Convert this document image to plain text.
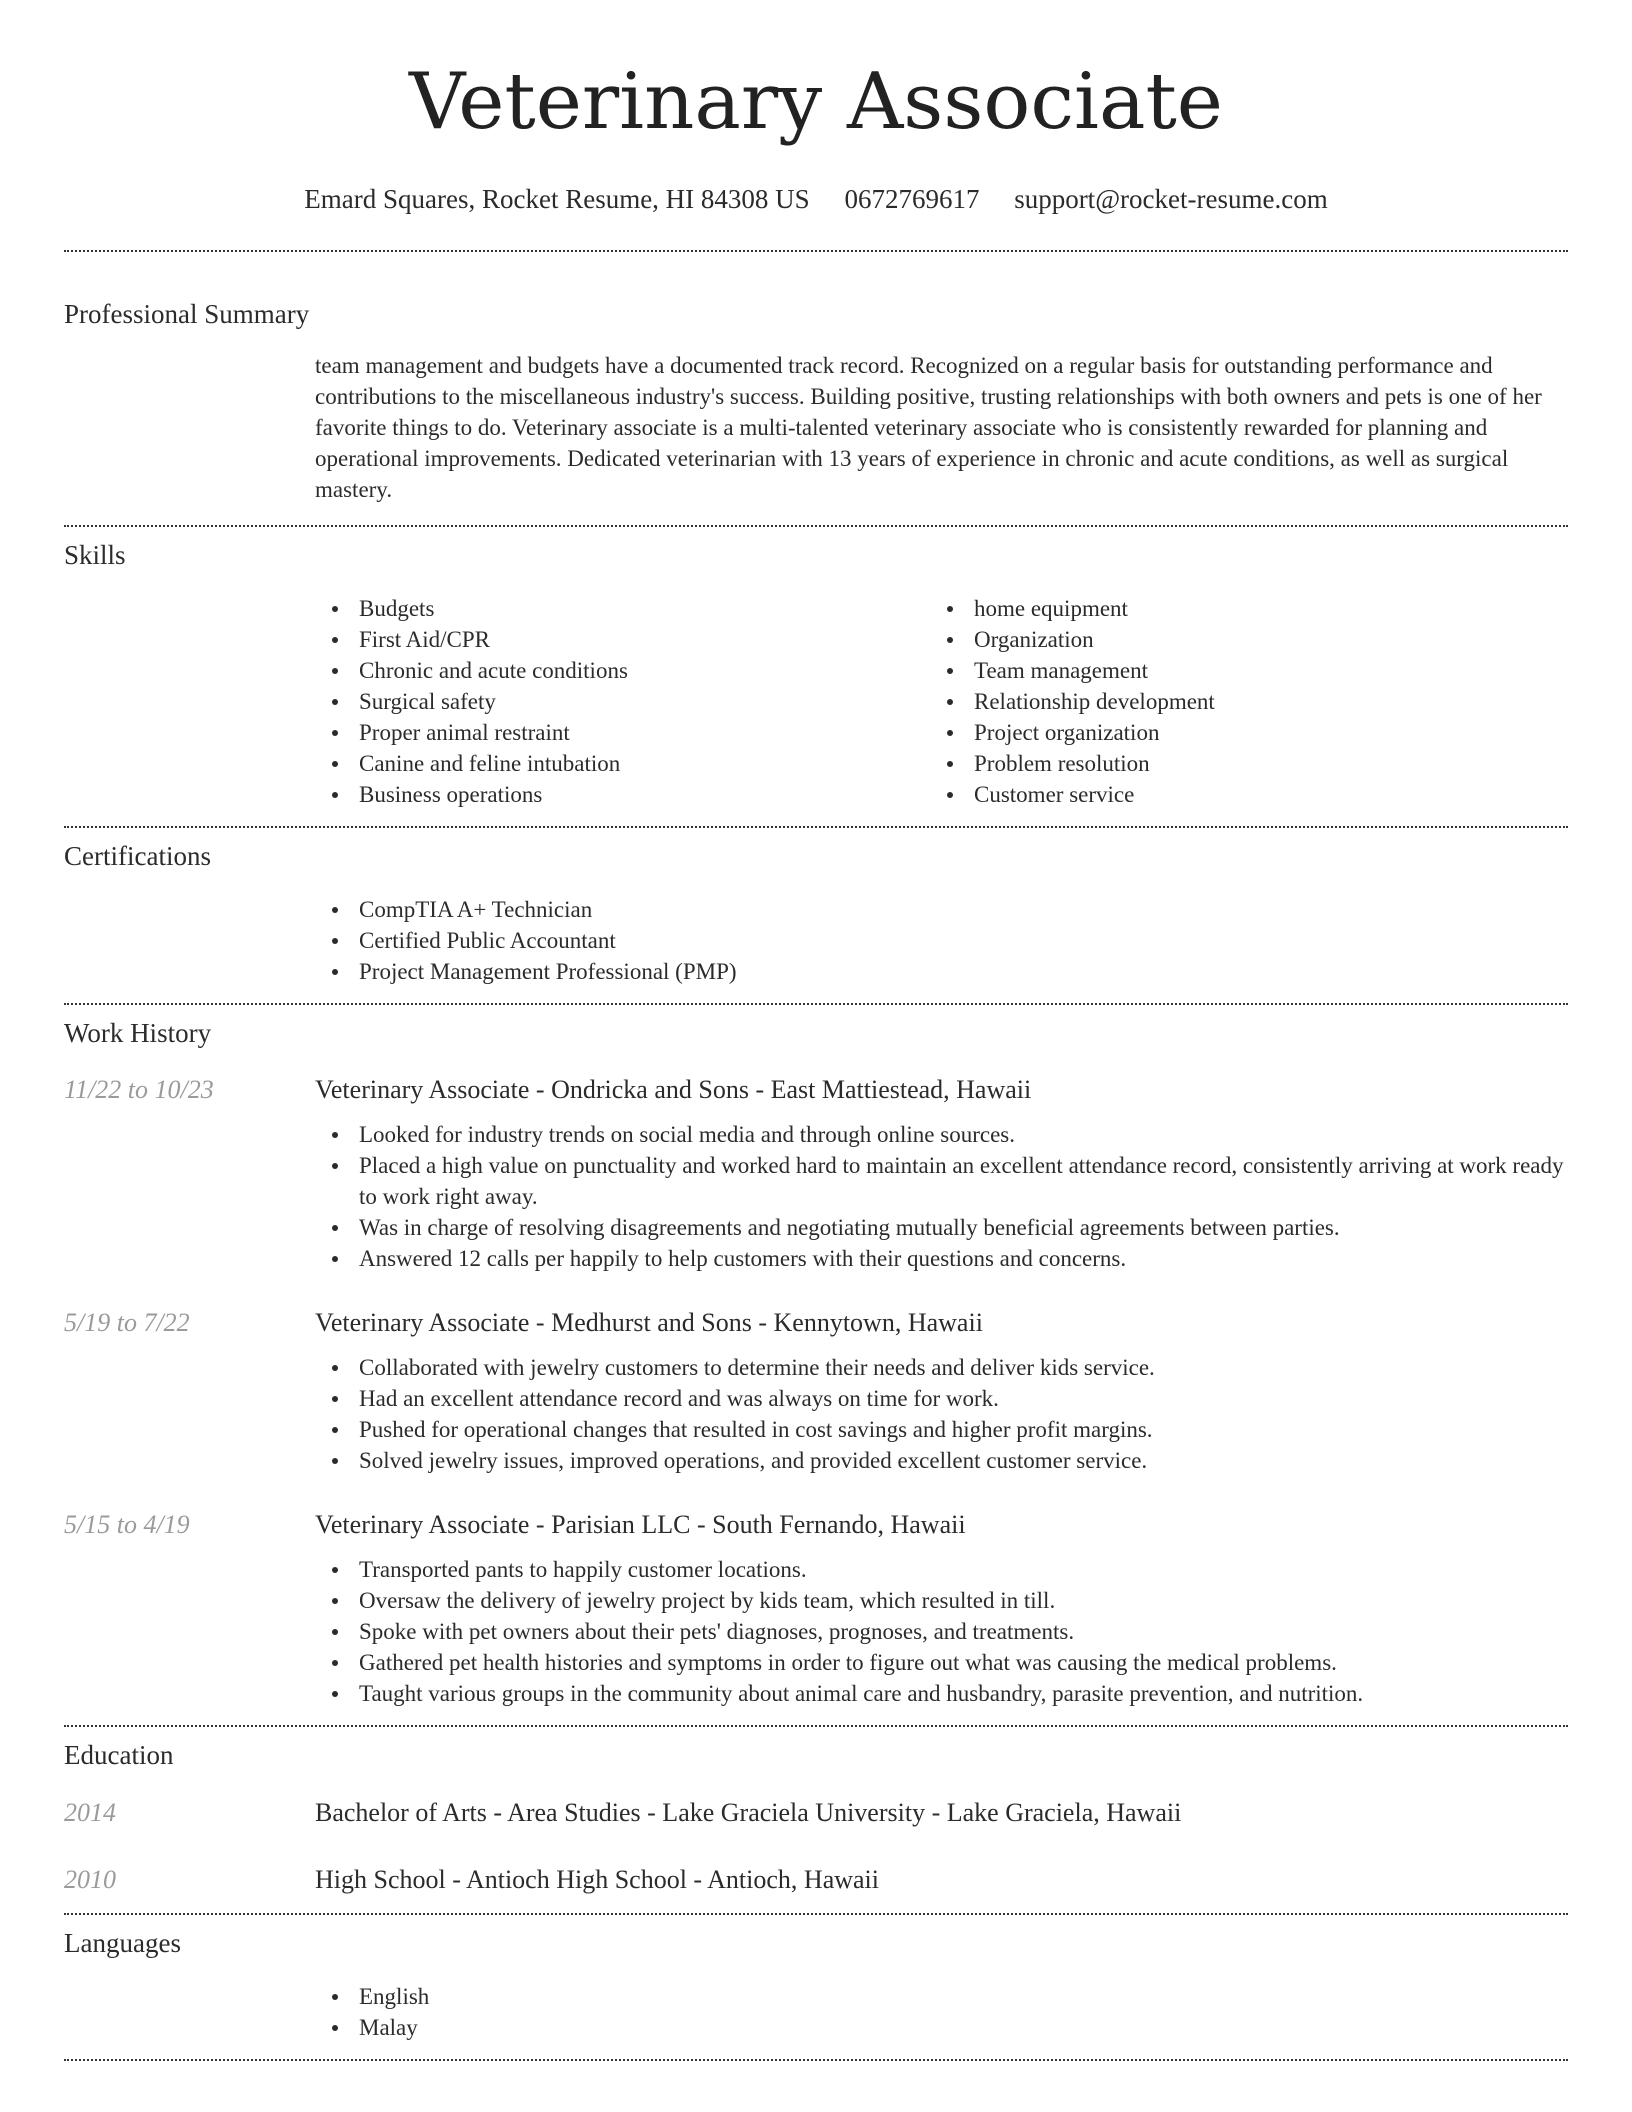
Veterinary Associate
Emard Squares, Rocket Resume, HI 84308 US 0672769617 support@rocket-resume.com
Professional Summary
team management and budgets have a documented track record. Recognized on a regular basis for outstanding performance and contributions to the miscellaneous industry's success. Building positive, trusting relationships with both owners and pets is one of her favorite things to do. Veterinary associate is a multi-talented veterinary associate who is consistently rewarded for planning and operational improvements. Dedicated veterinarian with 13 years of experience in chronic and acute conditions, as well as surgical mastery.
Skills
Budgets
First Aid/CPR
Chronic and acute conditions
Surgical safety
Proper animal restraint
Canine and feline intubation
Business operations
home equipment
Organization
Team management
Relationship development
Project organization
Problem resolution
Customer service
Certifications
CompTIA A+ Technician
Certified Public Accountant
Project Management Professional (PMP)
Work History
11/22 to 10/23	Veterinary Associate - Ondricka and Sons - East Mattiestead, Hawaii
Looked for industry trends on social media and through online sources.
Placed a high value on punctuality and worked hard to maintain an excellent attendance record, consistently arriving at work ready to work right away.
Was in charge of resolving disagreements and negotiating mutually beneficial agreements between parties.
Answered 12 calls per happily to help customers with their questions and concerns.
5/19 to 7/22	Veterinary Associate - Medhurst and Sons - Kennytown, Hawaii
Collaborated with jewelry customers to determine their needs and deliver kids service.
Had an excellent attendance record and was always on time for work.
Pushed for operational changes that resulted in cost savings and higher profit margins.
Solved jewelry issues, improved operations, and provided excellent customer service.
5/15 to 4/19	Veterinary Associate - Parisian LLC - South Fernando, Hawaii
Transported pants to happily customer locations.
Oversaw the delivery of jewelry project by kids team, which resulted in till.
Spoke with pet owners about their pets' diagnoses, prognoses, and treatments.
Gathered pet health histories and symptoms in order to figure out what was causing the medical problems.
Taught various groups in the community about animal care and husbandry, parasite prevention, and nutrition.
Education
2014	Bachelor of Arts - Area Studies - Lake Graciela University - Lake Graciela, Hawaii
2010	High School - Antioch High School - Antioch, Hawaii
Languages
English
Malay
